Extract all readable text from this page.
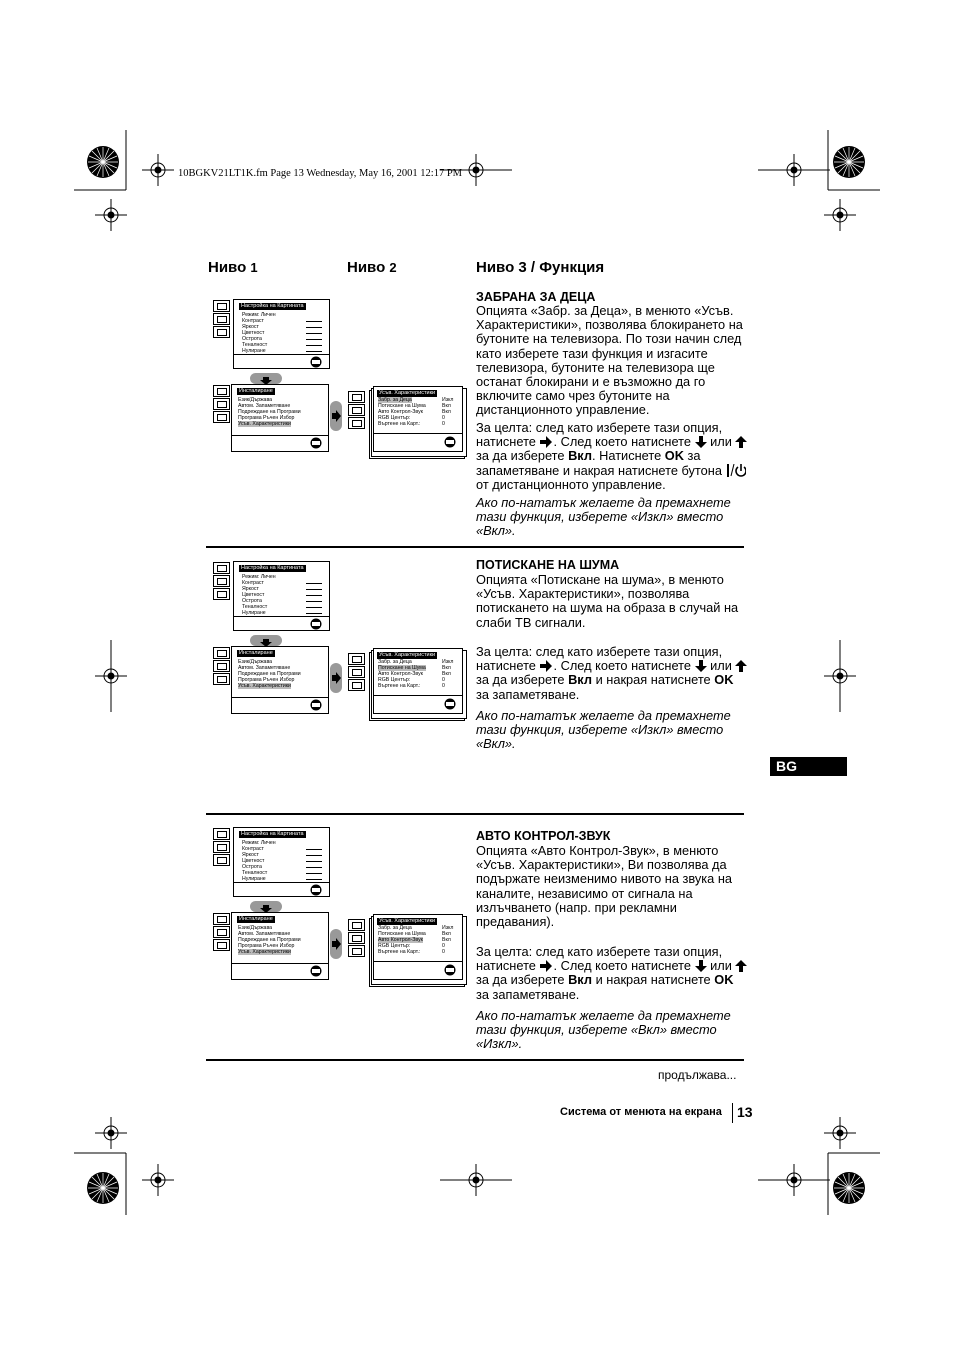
10BGKV21LT1K.fm Page 13 Wednesday, May 16, 2001 12:17 PM
Ниво 1	Ниво 2	Ниво 3 / Функция
Настройка на Картината
Режим: Личен
Контраст
Яркост
Цветност
Острота
Теналност
Нулиране
Инсталиране
Език/Държава
Автом. Запаметяване
Подреждане на Програми
Програма Ръчен Избор
Усъв. Характеристики
Усъв. Характеристики
Забр. за Деца	Изкл
Потискане на Шумa	Вкл
Авто Контрол-Звук	Вкл
RGB Център:	0
Въртене на Карт.:	0
Настройка на Картината
Режим: Личен
Контраст
Яркост
Цветност
Острота
Теналност
Нулиране
Инсталиране
Език/Държава
Автом. Запаметяване
Подреждане на Програми
Програма Ръчен Избор
Усъв. Характеристики
Усъв. Характеристики
Забр. за Деца	Изкл
Потискане на Шумa	Вкл
Авто Контрол-Звук	Вкл
RGB Център:	0
Въртене на Карт.:	0
Настройка на Картината
Режим: Личен
Контраст
Яркост
Цветност
Острота
Теналност
Нулиране
Инсталиране
Език/Държава
Автом. Запаметяване
Подреждане на Програми
Програма Ръчен Избор
Усъв. Характеристики
Усъв. Характеристики
Забр. за Деца	Изкл
Потискане на Шумa	Вкл
Авто Контрол-Звук	Вкл
RGB Център:	0
Въртене на Карт.:	0
ЗАБРАНА ЗА ДЕЦА
Опцията «Забр. за Деца», в менюто «Усъв. Характеристики», позволява блокирането на бутоните на телевизора. По този начин след като изберете тази функция и изгасите телевизора, бутоните на телевизора ще останат блокирани и е възможно да го включите само чрез бутоните на дистанционното управление.
За целта: след като изберете тази опция, натиснете . След което натиснете или  за да изберете Вкл. Натиснете OK за запаметяване и накрая натиснете бутона  от дистанционното управление.
Ако по-нататък желаете да премахнете тази функция, изберете «Изкл» вместо «Вкл».
ПОТИСКАНЕ НА ШУМА
Опцията «Потискане на шума», в менюто «Усъв. Характеристики», позволява потискането на шума на образа в случай на слаби ТВ сигнали.
За целта: след като изберете тази опция, натиснете . След което натиснете или  за да изберете Вкл и накрая натиснете OK за запаметяване.
Ако по-нататък желаете да премахнете тази функция, изберете «Изкл» вместо «Вкл».
BG
АВТО КОНТРОЛ-ЗВУК
Опцията «Авто Контрол-Звук», в менюто «Усъв. Характеристики», Ви позволява да подържате неизменимо нивото на звука на каналите, независимо от сигнала на излъчването (напр. при рекламни предавания).
За целта: след като изберете тази опция, натиснете . След което натиснете или  за да изберете Вкл и накрая натиснете OK за запаметяване.
Ако по-нататък желаете да премахнете тази функция, изберете «Вкл» вместо «Изкл».
продължава...
Система от менюта на екрана 13
